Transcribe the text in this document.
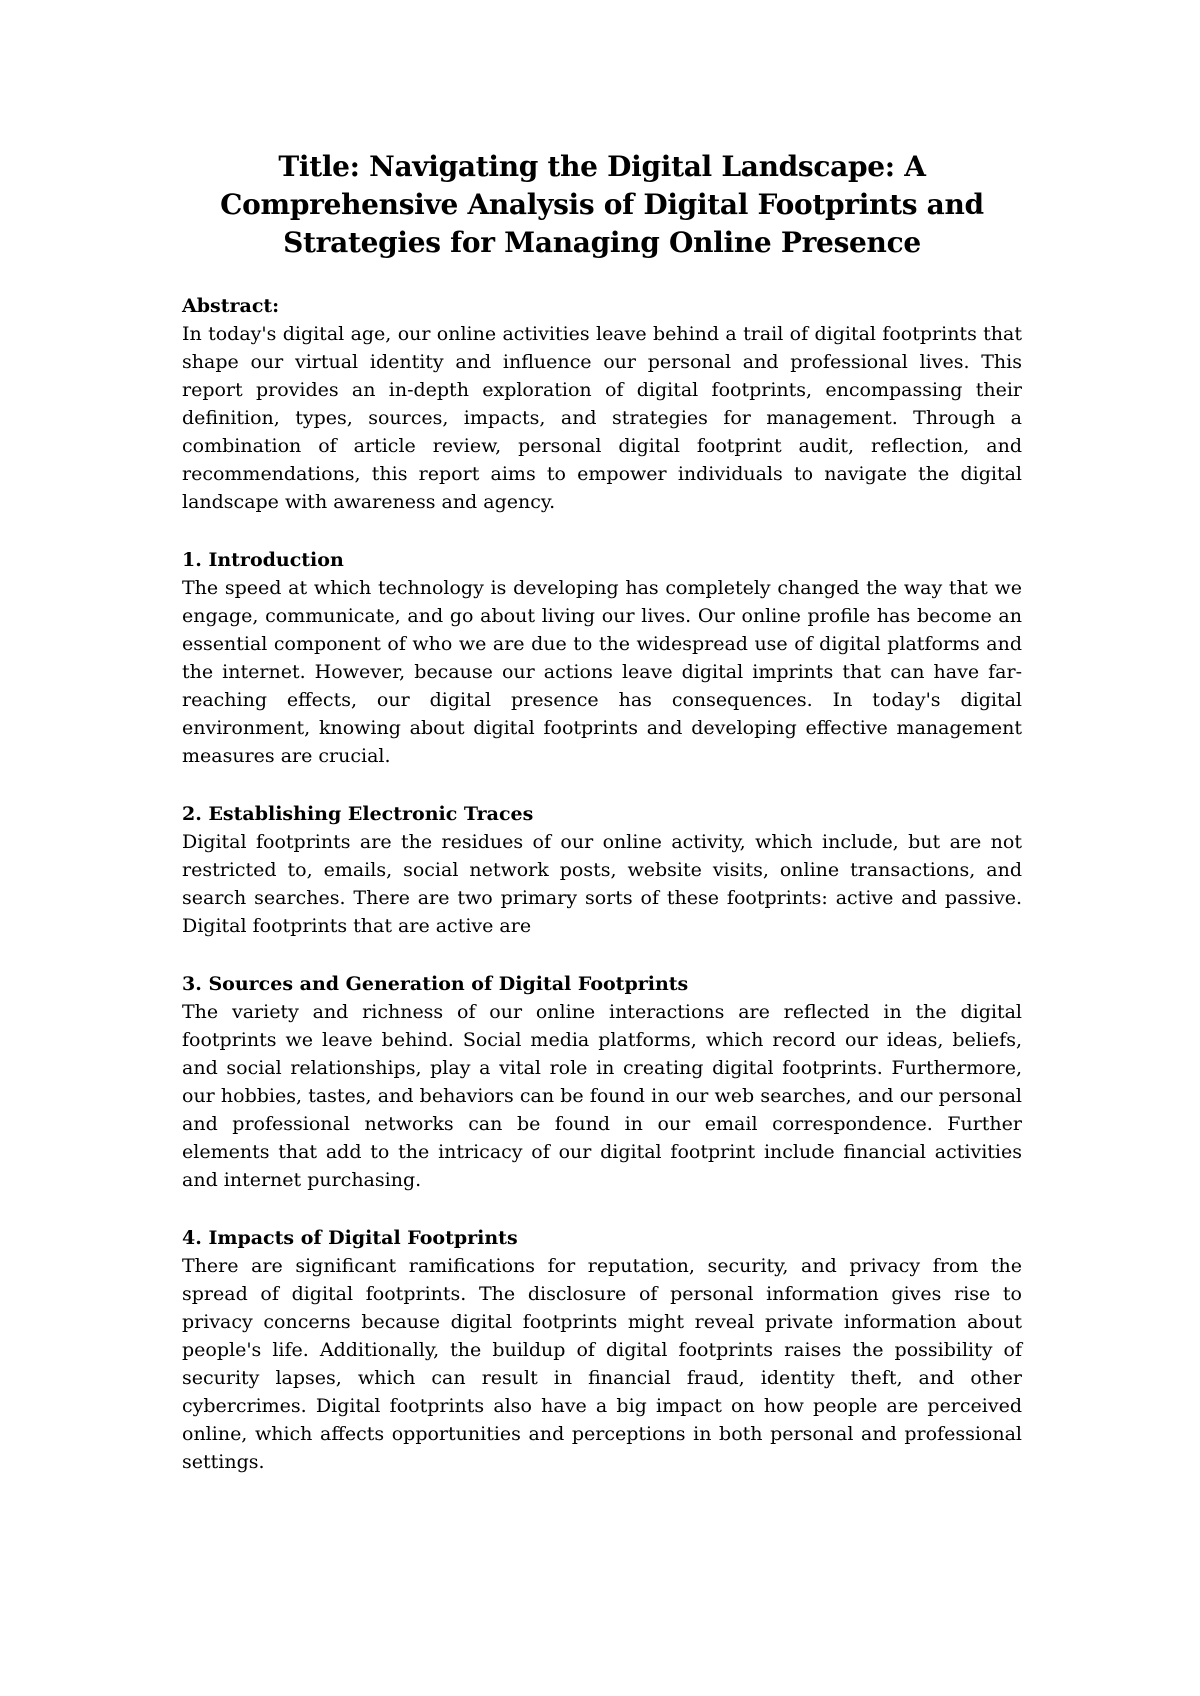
Title: Navigating the Digital Landscape: A Comprehensive Analysis of Digital Footprints and Strategies for Managing Online Presence

Abstract:

In today's digital age, our online activities leave behind a trail of digital footprints that shape our virtual identity and influence our personal and professional lives. This report provides an in-depth exploration of digital footprints, encompassing their definition, types, sources, impacts, and strategies for management. Through a combination of article review, personal digital footprint audit, reflection, and recommendations, this report aims to empower individuals to navigate the digital landscape with awareness and agency.

1. Introduction

The speed at which technology is developing has completely changed the way that we engage, communicate, and go about living our lives. Our online profile has become an essential component of who we are due to the widespread use of digital platforms and the internet. However, because our actions leave digital imprints that can have far-reaching effects, our digital presence has consequences. In today's digital environment, knowing about digital footprints and developing effective management measures are crucial.

2. Establishing Electronic Traces

Digital footprints are the residues of our online activity, which include, but are not restricted to, emails, social network posts, website visits, online transactions, and search searches. There are two primary sorts of these footprints: active and passive. Digital footprints that are active are

3. Sources and Generation of Digital Footprints

The variety and richness of our online interactions are reflected in the digital footprints we leave behind. Social media platforms, which record our ideas, beliefs, and social relationships, play a vital role in creating digital footprints. Furthermore, our hobbies, tastes, and behaviors can be found in our web searches, and our personal and professional networks can be found in our email correspondence. Further elements that add to the intricacy of our digital footprint include financial activities and internet purchasing.

4. Impacts of Digital Footprints

There are significant ramifications for reputation, security, and privacy from the spread of digital footprints. The disclosure of personal information gives rise to privacy concerns because digital footprints might reveal private information about people's life. Additionally, the buildup of digital footprints raises the possibility of security lapses, which can result in financial fraud, identity theft, and other cybercrimes. Digital footprints also have a big impact on how people are perceived online, which affects opportunities and perceptions in both personal and professional settings.
